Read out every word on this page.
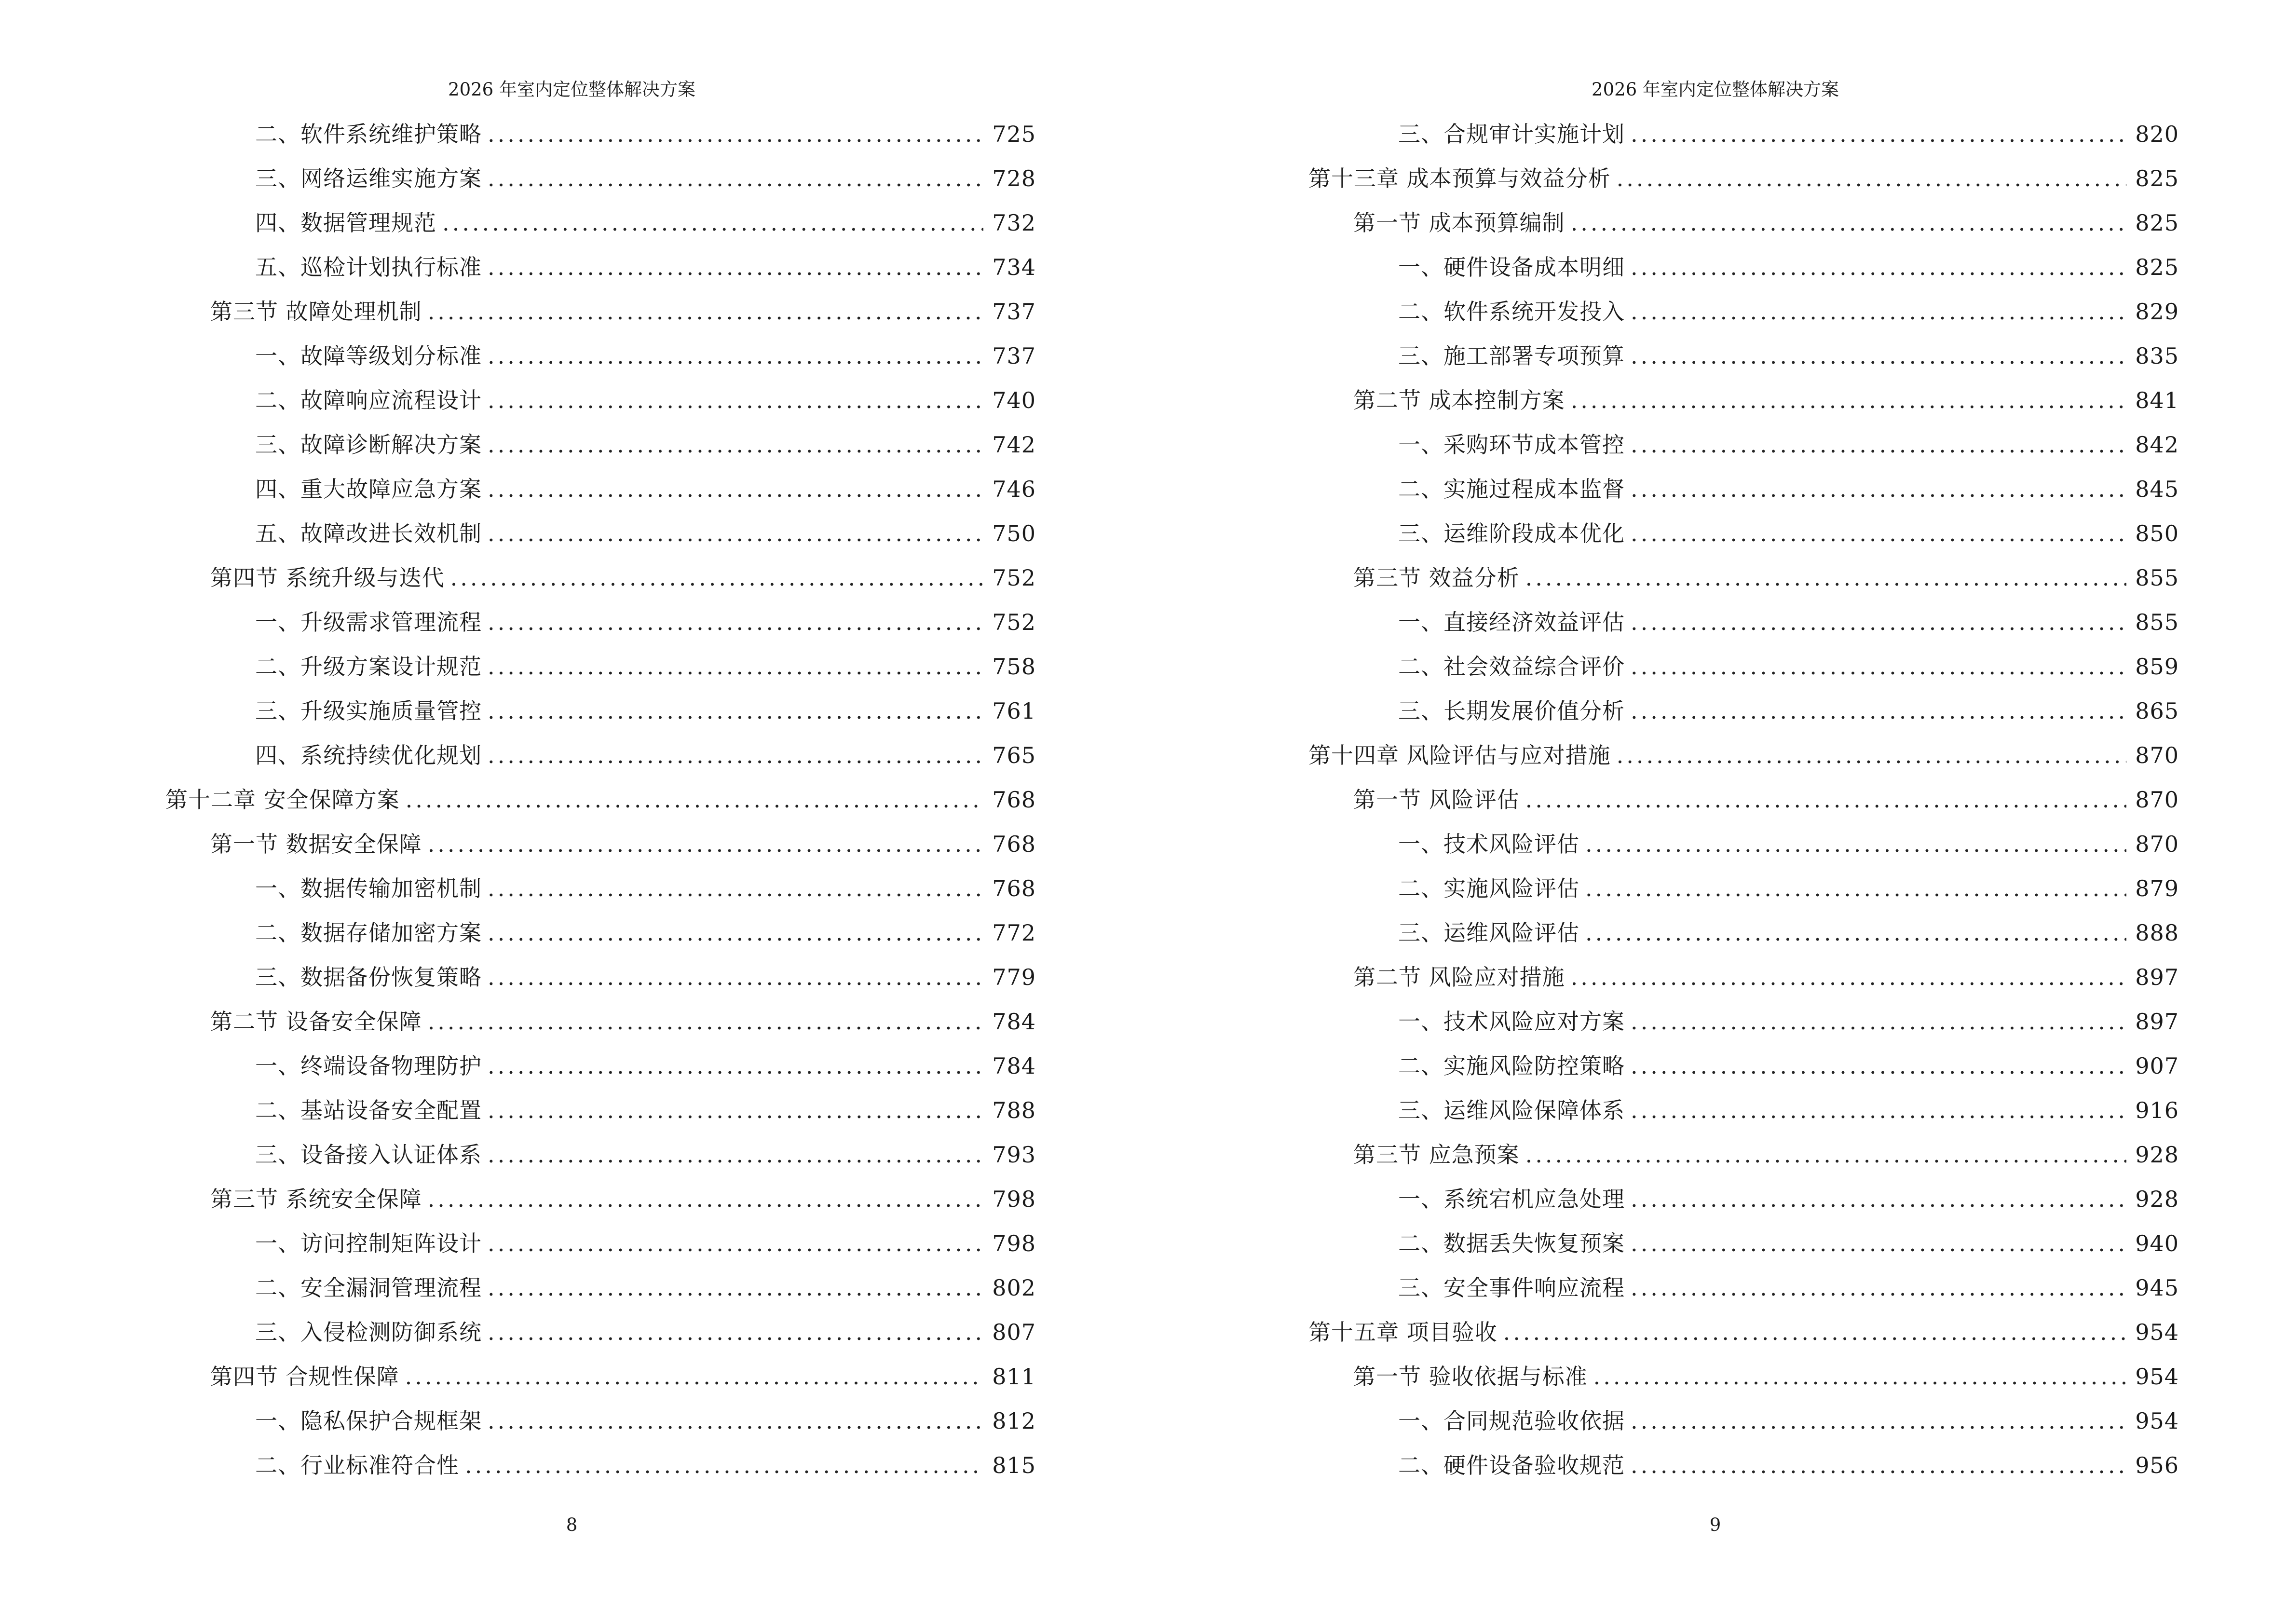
2026 年室内定位整体解决方案
二、软件系统维护策略 .....	725
三、网络运维实施方案 .....	728
四、数据管理规范 .....	732
五、巡检计划执行标准 .....	734
第三节 故障处理机制 .....	737
一、故障等级划分标准 .....	737
二、故障响应流程设计 .....	740
三、故障诊断解决方案 .....	742
四、重大故障应急方案 .....	746
五、故障改进长效机制 .....	750
第四节 系统升级与迭代 .....	752
一、升级需求管理流程 .....	752
二、升级方案设计规范 .....	758
三、升级实施质量管控 .....	761
四、系统持续优化规划 .....	765
第十二章 安全保障方案 .....	768
第一节 数据安全保障 .....	768
一、数据传输加密机制 .....	768
二、数据存储加密方案 .....	772
三、数据备份恢复策略 .....	779
第二节 设备安全保障 .....	784
一、终端设备物理防护 .....	784
二、基站设备安全配置 .....	788
三、设备接入认证体系 .....	793
第三节 系统安全保障 .....	798
一、访问控制矩阵设计 .....	798
二、安全漏洞管理流程 .....	802
三、入侵检测防御系统 .....	807
第四节 合规性保障 .....	811
一、隐私保护合规框架 .....	812
二、行业标准符合性 .....	815
8
2026 年室内定位整体解决方案
三、合规审计实施计划 .....	820
第十三章 成本预算与效益分析 .....	825
第一节 成本预算编制 .....	825
一、硬件设备成本明细 .....	825
二、软件系统开发投入 .....	829
三、施工部署专项预算 .....	835
第二节 成本控制方案 .....	841
一、采购环节成本管控 .....	842
二、实施过程成本监督 .....	845
三、运维阶段成本优化 .....	850
第三节 效益分析 .....	855
一、直接经济效益评估 .....	855
二、社会效益综合评价 .....	859
三、长期发展价值分析 .....	865
第十四章 风险评估与应对措施 .....	870
第一节 风险评估 .....	870
一、技术风险评估 .....	870
二、实施风险评估 .....	879
三、运维风险评估 .....	888
第二节 风险应对措施 .....	897
一、技术风险应对方案 .....	897
二、实施风险防控策略 .....	907
三、运维风险保障体系 .....	916
第三节 应急预案 .....	928
一、系统宕机应急处理 .....	928
二、数据丢失恢复预案 .....	940
三、安全事件响应流程 .....	945
第十五章 项目验收 .....	954
第一节 验收依据与标准 .....	954
一、合同规范验收依据 .....	954
二、硬件设备验收规范 .....	956
9
